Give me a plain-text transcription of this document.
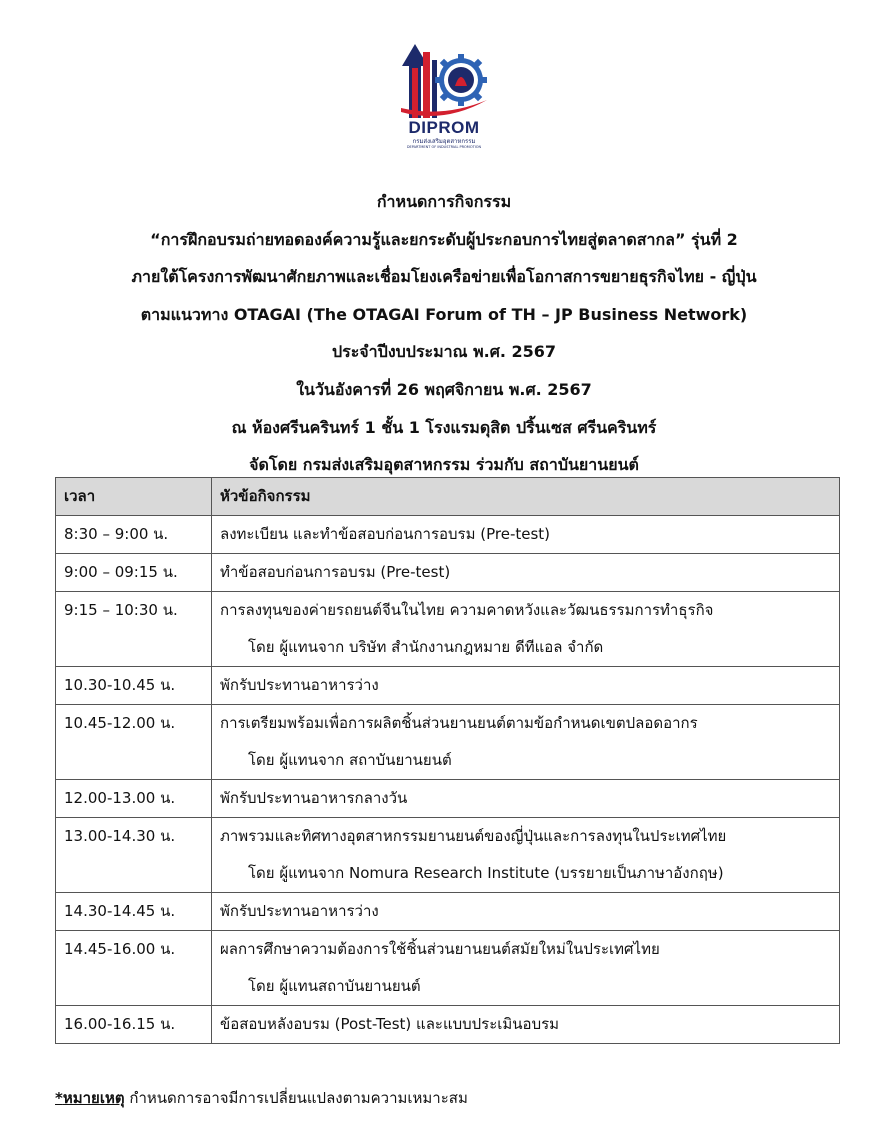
DIPROM
กรมส่งเสริมอุตสาหกรรม
DEPARTMENT OF INDUSTRIAL PROMOTION
กำหนดการกิจกรรม
“การฝึกอบรมถ่ายทอดองค์ความรู้และยกระดับผู้ประกอบการไทยสู่ตลาดสากล” รุ่นที่ 2
ภายใต้โครงการพัฒนาศักยภาพและเชื่อมโยงเครือข่ายเพื่อโอกาสการขยายธุรกิจไทย - ญี่ปุ่น
ตามแนวทาง OTAGAI (The OTAGAI Forum of TH – JP Business Network)
ประจำปีงบประมาณ พ.ศ. 2567
ในวันอังคารที่ 26 พฤศจิกายน พ.ศ. 2567
ณ ห้องศรีนครินทร์ 1 ชั้น 1 โรงแรมดุสิต ปริ้นเซส ศรีนครินทร์
จัดโดย กรมส่งเสริมอุตสาหกรรม ร่วมกับ สถาบันยานยนต์
เวลา	หัวข้อกิจกรรม
8:30 – 9:00 น.	ลงทะเบียน และทำข้อสอบก่อนการอบรม (Pre-test)

9:00 – 09:15 น.	ทำข้อสอบก่อนการอบรม (Pre-test)

9:15 – 10:30 น.	การลงทุนของค่ายรถยนต์จีนในไทย ความคาดหวังและวัฒนธรรมการทำธุรกิจ
โดย ผู้แทนจาก บริษัท สำนักงานกฎหมาย ดีทีแอล จำกัด

10.30-10.45 น.	พักรับประทานอาหารว่าง

10.45-12.00 น.	การเตรียมพร้อมเพื่อการผลิตชิ้นส่วนยานยนต์ตามข้อกำหนดเขตปลอดอากร
โดย ผู้แทนจาก สถาบันยานยนต์

12.00-13.00 น.	พักรับประทานอาหารกลางวัน

13.00-14.30 น.	ภาพรวมและทิศทางอุตสาหกรรมยานยนต์ของญี่ปุ่นและการลงทุนในประเทศไทย
โดย ผู้แทนจาก Nomura Research Institute (บรรยายเป็นภาษาอังกฤษ)

14.30-14.45 น.	พักรับประทานอาหารว่าง

14.45-16.00 น.	ผลการศึกษาความต้องการใช้ชิ้นส่วนยานยนต์สมัยใหม่ในประเทศไทย
โดย ผู้แทนสถาบันยานยนต์

16.00-16.15 น.	ข้อสอบหลังอบรม (Post-Test) และแบบประเมินอบรม
*หมายเหตุ กำหนดการอาจมีการเปลี่ยนแปลงตามความเหมาะสม
